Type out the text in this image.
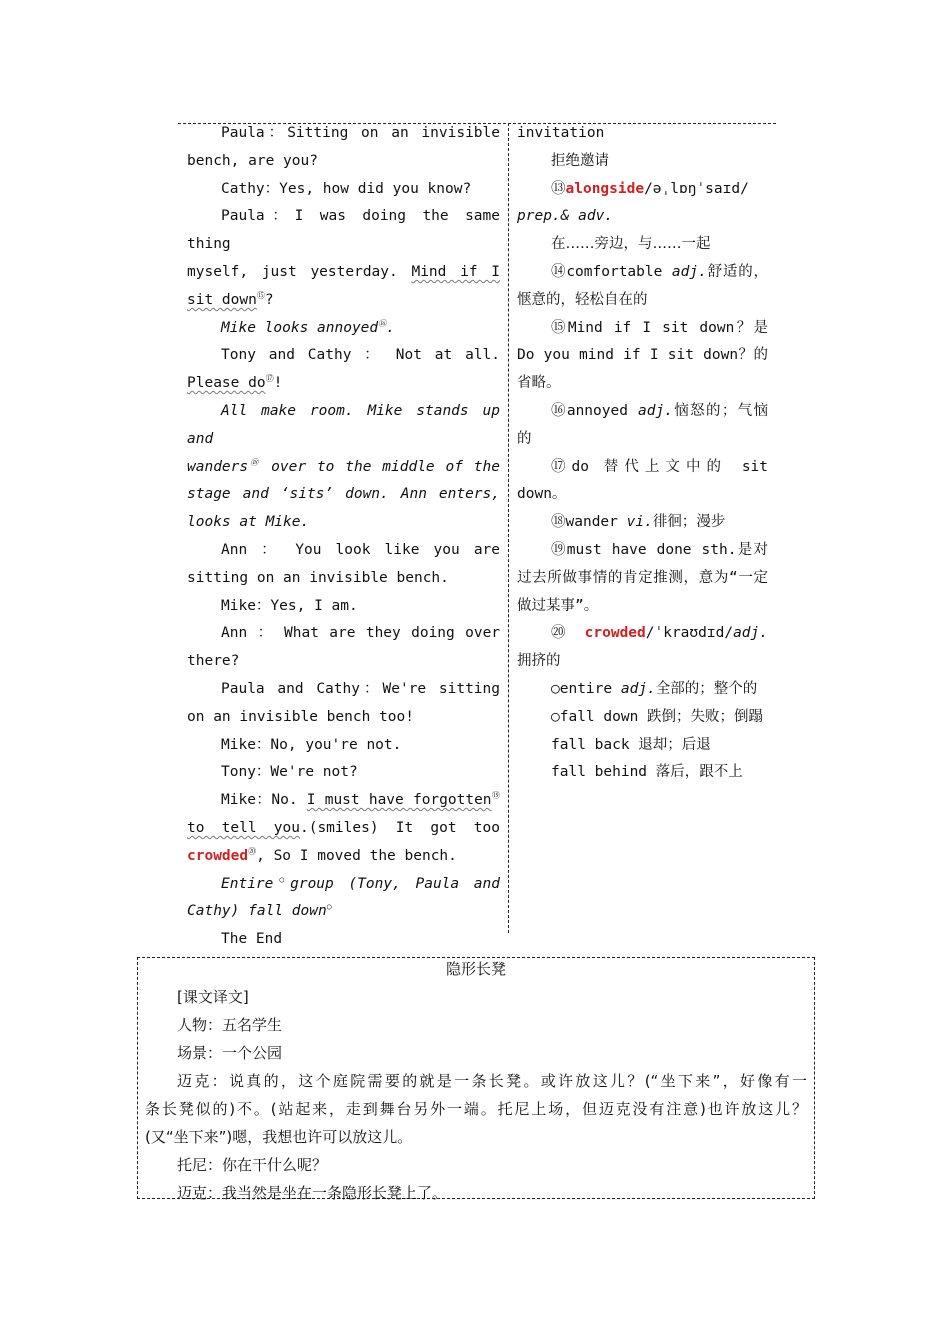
Paula：Sitting on an invisible

bench, are you?

Cathy：Yes, how did you know?

Paula：I was doing the same thing

myself, just yesterday. Mind if I sit down⑮?

Mike looks annoyed⑯.

Tony and Cathy ： Not at all. Please do⑰!

All make room. Mike stands up and

wanders⑱ over to the middle of the stage and ‘sits’ down. Ann enters, looks at Mike.

Ann ： You look like you are sitting on an invisible bench.

Mike：Yes, I am.

Ann ： What are they doing over there?

Paula and Cathy：We're sitting on an invisible bench too!

Mike：No, you're not.

Tony：We're not?

Mike：No. I must have forgotten⑲ to tell you.(smiles) It got too crowded⑳, So I moved the bench.

Entire○group (Tony, Paula and Cathy) fall down○

The End

invitation

拒绝邀请

⑬alongside/əˌlɒŋˈsaɪd/ prep.& adv.

在……旁边，与……一起

⑭comfortable adj.舒适的，惬意的，轻松自在的

⑮Mind if I sit down？是 Do you mind if I sit down？的省略。

⑯annoyed adj.恼怒的；气恼的

⑰do 替代上文中的 sit down。

⑱wander vi.徘徊；漫步

⑲must have done sth.是对过去所做事情的肯定推测，意为“一定做过某事”。

⑳crowded/ˈkraʊdɪd/adj. 拥挤的

○entire adj.全部的；整个的

○fall down 跌倒；失败；倒蹋

fall back 退却；后退

fall behind 落后，跟不上

隐形长凳

[课文译文]

人物：五名学生

场景：一个公园

迈克：说真的，这个庭院需要的就是一条长凳。或许放这儿？(“坐下来”，好像有一

条长凳似的)不。(站起来，走到舞台另外一端。托尼上场，但迈克没有注意)也许放这儿？

(又“坐下来”)嗯，我想也许可以放这儿。

托尼：你在干什么呢？

迈克：我当然是坐在一条隐形长凳上了。
